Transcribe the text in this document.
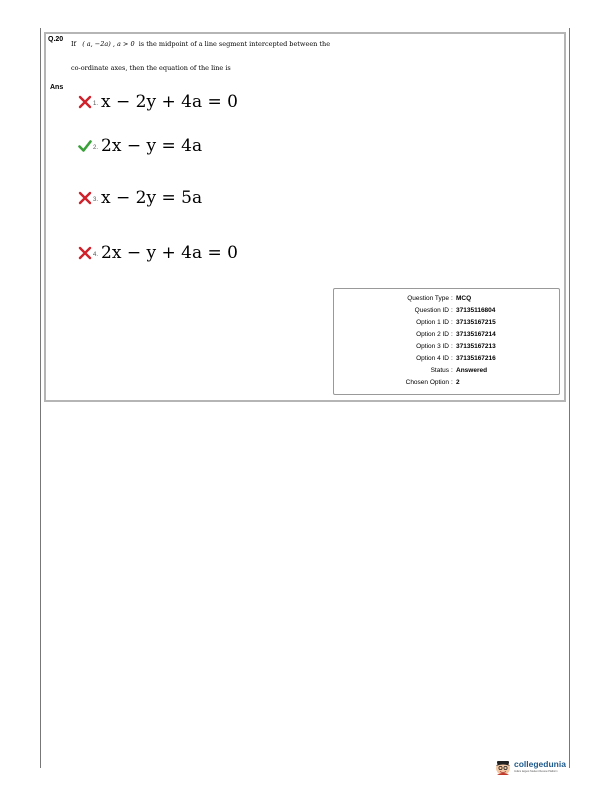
Q.20
If ( a, −2a) , a > 0 is the midpoint of a line segment intercepted between the
co-ordinate axes, then the equation of the line is
Ans
1. x − 2y + 4a = 0
2. 2x − y = 4a
3. x − 2y = 5a
4. 2x − y + 4a = 0
Question Type : MCQ
Question ID : 37135116804
Option 1 ID : 37135167215
Option 2 ID : 37135167214
Option 3 ID : 37135167213
Option 4 ID : 37135167216
Status : Answered
Chosen Option : 2
collegedunia
India's largest Student Review Platform
